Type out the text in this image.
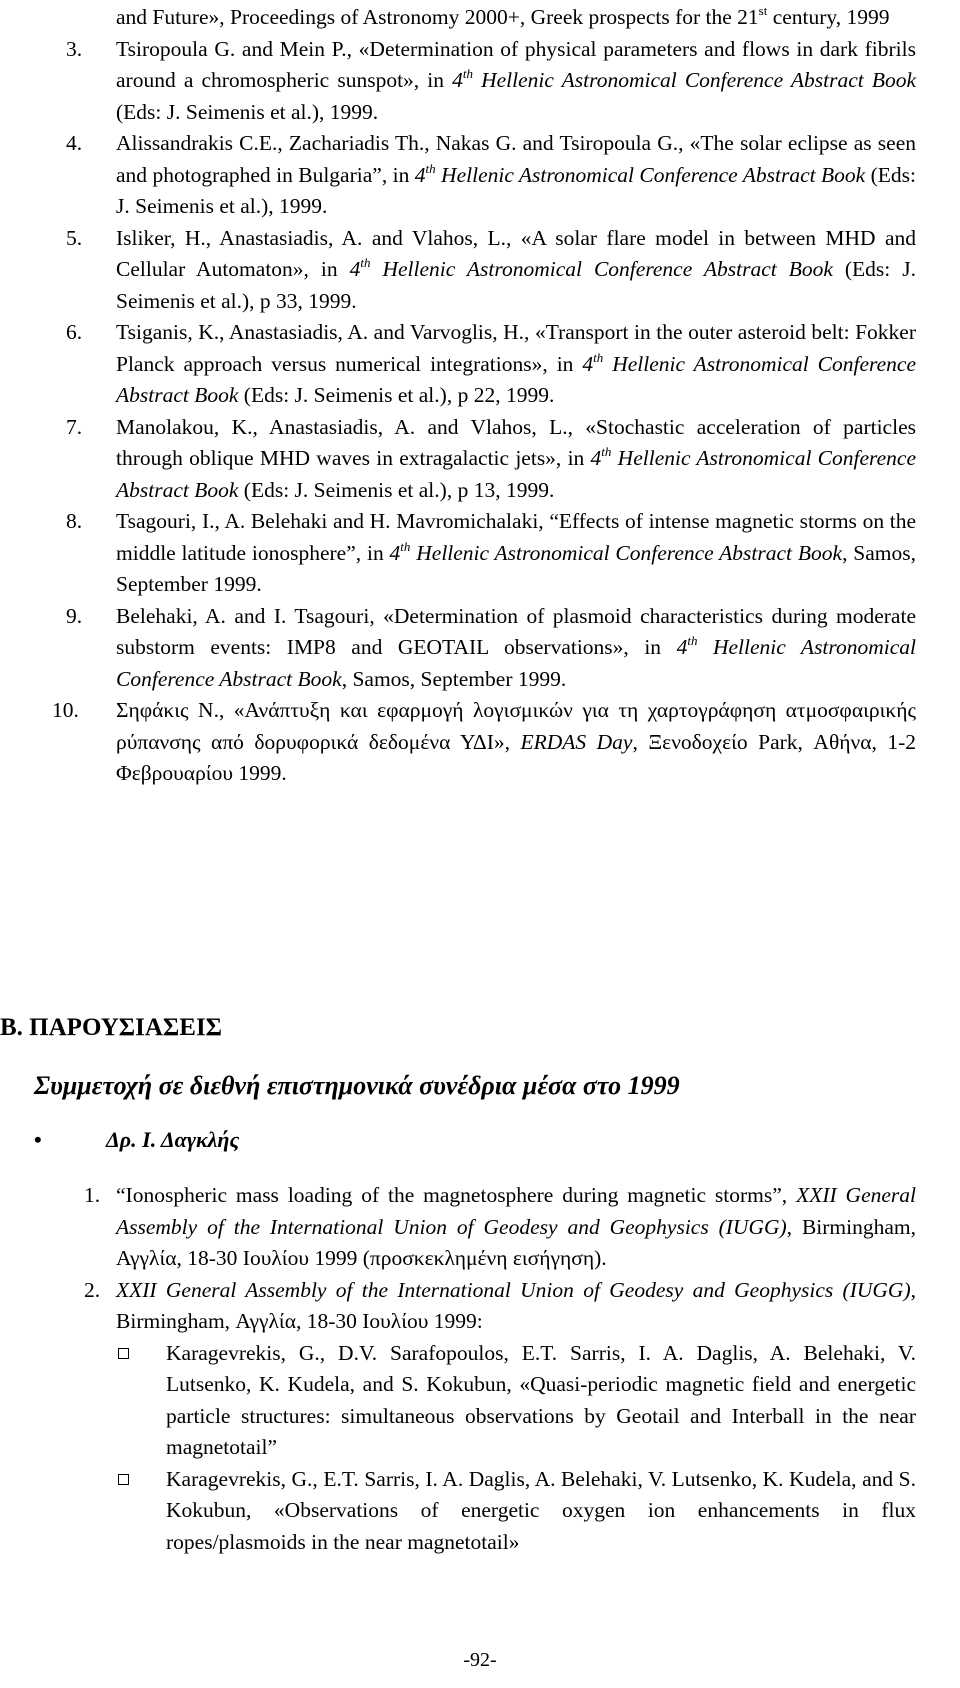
and Future», Proceedings of Astronomy 2000+, Greek prospects for the 21st century, 1999
3. Tsiropoula G. and Mein P., «Determination of physical parameters and flows in dark fibrils around a chromospheric sunspot», in 4th Hellenic Astronomical Conference Abstract Book (Eds: J. Seimenis et al.), 1999.
4. Alissandrakis C.E., Zachariadis Th., Nakas G. and Tsiropoula G., «The solar eclipse as seen and photographed in Bulgaria”, in 4th Hellenic Astronomical Conference Abstract Book (Eds: J. Seimenis et al.), 1999.
5. Isliker, H., Anastasiadis, A. and Vlahos, L., «A solar flare model in between MHD and Cellular Automaton», in 4th Hellenic Astronomical Conference Abstract Book (Eds: J. Seimenis et al.), p 33, 1999.
6. Tsiganis, K., Anastasiadis, A. and Varvoglis, H., «Transport in the outer asteroid belt: Fokker Planck approach versus numerical integrations», in 4th Hellenic Astronomical Conference Abstract Book (Eds: J. Seimenis et al.), p 22, 1999.
7. Manolakou, K., Anastasiadis, A. and Vlahos, L., «Stochastic acceleration of particles through oblique MHD waves in extragalactic jets», in 4th Hellenic Astronomical Conference Abstract Book (Eds: J. Seimenis et al.), p 13, 1999.
8. Tsagouri, I., A. Belehaki and H. Mavromichalaki, “Effects of intense magnetic storms on the middle latitude ionosphere”, in 4th Hellenic Astronomical Conference Abstract Book, Samos, September 1999.
9. Belehaki, A. and I. Tsagouri, «Determination of plasmoid characteristics during moderate substorm events: IMP8 and GEOTAIL observations», in 4th Hellenic Astronomical Conference Abstract Book, Samos, September 1999.
10. Σηφάκις Ν., «Ανάπτυξη και εφαρμογή λογισμικών για τη χαρτογράφηση ατμοσφαιρικής ρύπανσης από δορυφορικά δεδομένα ΥΔΙ», ERDAS Day, Ξενοδοχείο Park, Αθήνα, 1-2 Φεβρουαρίου 1999.
B. ΠΑΡΟΥΣΙΑΣΕΙΣ
Συμμετοχή σε διεθνή επιστημονικά συνέδρια μέσα στο 1999
•	Δρ. Ι. Δαγκλής
1. “Ionospheric mass loading of the magnetosphere during magnetic storms”, XXII General Assembly of the International Union of Geodesy and Geophysics (IUGG), Birmingham, Αγγλία, 18-30 Ιουλίου 1999 (προσκεκλημένη εισήγηση).
2. XXII General Assembly of the International Union of Geodesy and Geophysics (IUGG), Birmingham, Αγγλία, 18-30 Ιουλίου 1999:
Karagevrekis, G., D.V. Sarafopoulos, E.T. Sarris, I. A. Daglis, A. Belehaki, V. Lutsenko, K. Kudela, and S. Kokubun, «Quasi-periodic magnetic field and energetic particle structures: simultaneous observations by Geotail and Interball in the near magnetotail”
Karagevrekis, G., E.T. Sarris, I. A. Daglis, A. Belehaki, V. Lutsenko, K. Kudela, and S. Kokubun, «Observations of energetic oxygen ion enhancements in flux ropes/plasmoids in the near magnetotail»
-92-
